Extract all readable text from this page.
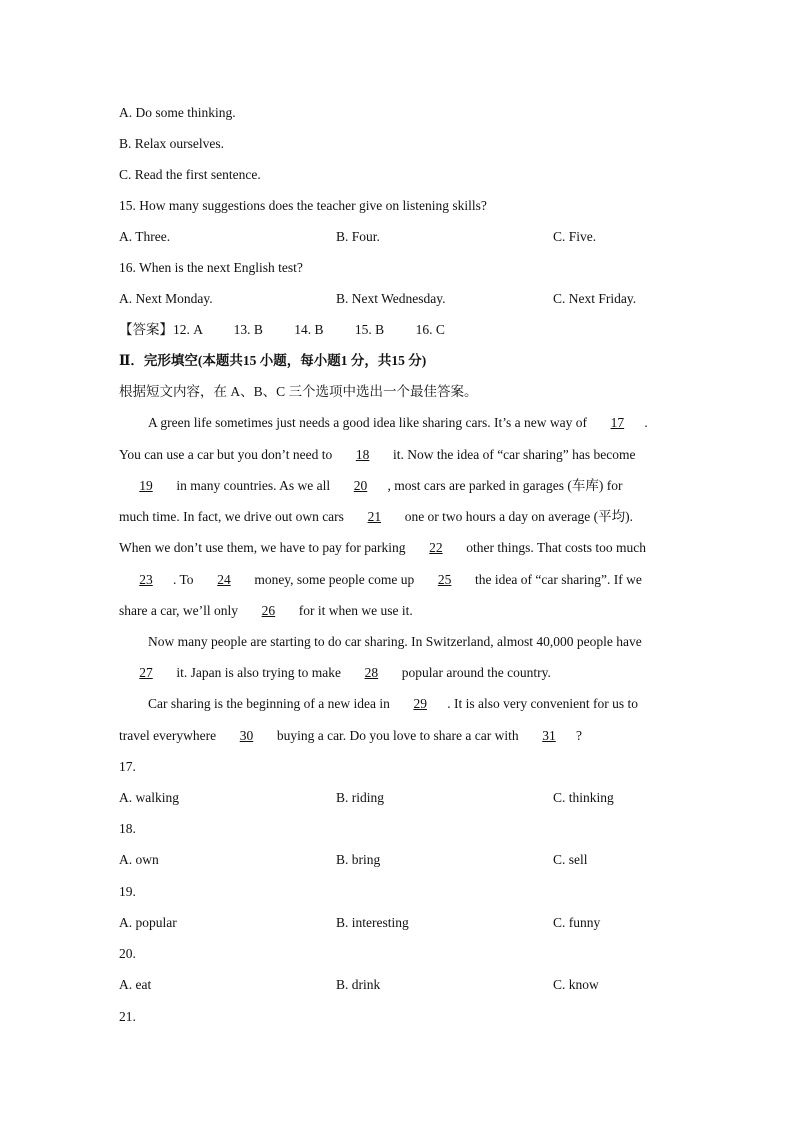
A. Do some thinking.
B. Relax ourselves.
C. Read the first sentence.
15. How many suggestions does the teacher give on listening skills?
A. Three.	B. Four.	C. Five.
16. When is the next English test?
A. Next Monday.	B. Next Wednesday.	C. Next Friday.
【答案】12. A 13. B 14. B 15. B 16. C
Ⅱ．完形填空(本题共15 小题，每小题1 分，共15 分)
根据短文内容，在 A、B、C 三个选项中选出一个最佳答案。
A green life sometimes just needs a good idea like sharing cars. It’s a new way of 17 .
You can use a car but you don’t need to 18 it. Now the idea of “car sharing” has become
19 in many countries. As we all 20 , most cars are parked in garages (车库) for
much time. In fact, we drive out own cars 21 one or two hours a day on average (平均).
When we don’t use them, we have to pay for parking 22 other things. That costs too much
23 . To 24 money, some people come up 25 the idea of “car sharing”. If we
share a car, we’ll only 26 for it when we use it.
Now many people are starting to do car sharing. In Switzerland, almost 40,000 people have
27 it. Japan is also trying to make 28 popular around the country.
Car sharing is the beginning of a new idea in 29 . It is also very convenient for us to
travel everywhere 30 buying a car. Do you love to share a car with 31 ?
17.
A. walking	B. riding	C. thinking
18.
A. own	B. bring	C. sell
19.
A. popular	B. interesting	C. funny
20.
A. eat	B. drink	C. know
21.
